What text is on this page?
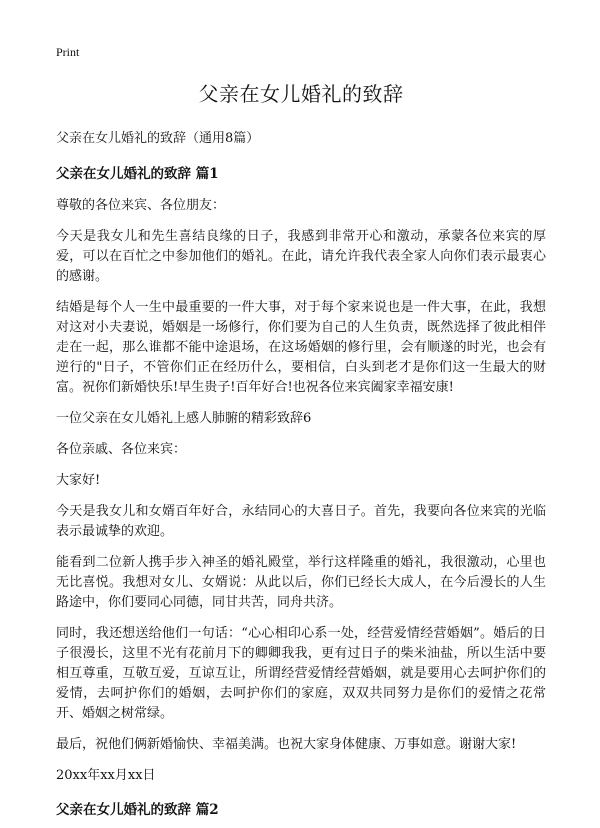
Print
父亲在女儿婚礼的致辞
父亲在女儿婚礼的致辞（通用8篇）
父亲在女儿婚礼的致辞 篇1

尊敬的各位来宾、各位朋友：

今天是我女儿和先生喜结良缘的日子，我感到非常开心和激动，承蒙各位来宾的厚爱，可以在百忙之中参加他们的婚礼。在此，请允许我代表全家人向你们表示最衷心的感谢。

结婚是每个人一生中最重要的一件大事，对于每个家来说也是一件大事，在此，我想对这对小夫妻说，婚姻是一场修行，你们要为自己的人生负责，既然选择了彼此相伴走在一起，那么谁都不能中途退场，在这场婚姻的修行里，会有顺遂的时光，也会有逆行的"日子，不管你们正在经历什么，要相信，白头到老才是你们这一生最大的财富。祝你们新婚快乐!早生贵子!百年好合!也祝各位来宾阖家幸福安康!

一位父亲在女儿婚礼上感人肺腑的精彩致辞6

各位亲戚、各位来宾：

大家好!

今天是我女儿和女婿百年好合，永结同心的大喜日子。首先，我要向各位来宾的光临表示最诚挚的欢迎。

能看到二位新人携手步入神圣的婚礼殿堂，举行这样隆重的婚礼，我很激动，心里也无比喜悦。我想对女儿、女婿说：从此以后，你们已经长大成人，在今后漫长的人生路途中，你们要同心同德，同甘共苦，同舟共济。

同时，我还想送给他们一句话：“心心相印心系一处，经营爱情经营婚姻”。婚后的日子很漫长，这里不光有花前月下的卿卿我我，更有过日子的柴米油盐，所以生活中要相互尊重，互敬互爱，互谅互让，所谓经营爱情经营婚姻，就是要用心去呵护你们的爱情，去呵护你们的婚姻，去呵护你们的家庭，双双共同努力是你们的爱情之花常开、婚姻之树常绿。

最后，祝他们俩新婚愉快、幸福美满。也祝大家身体健康、万事如意。谢谢大家!

20xx年xx月xx日
父亲在女儿婚礼的致辞 篇2
